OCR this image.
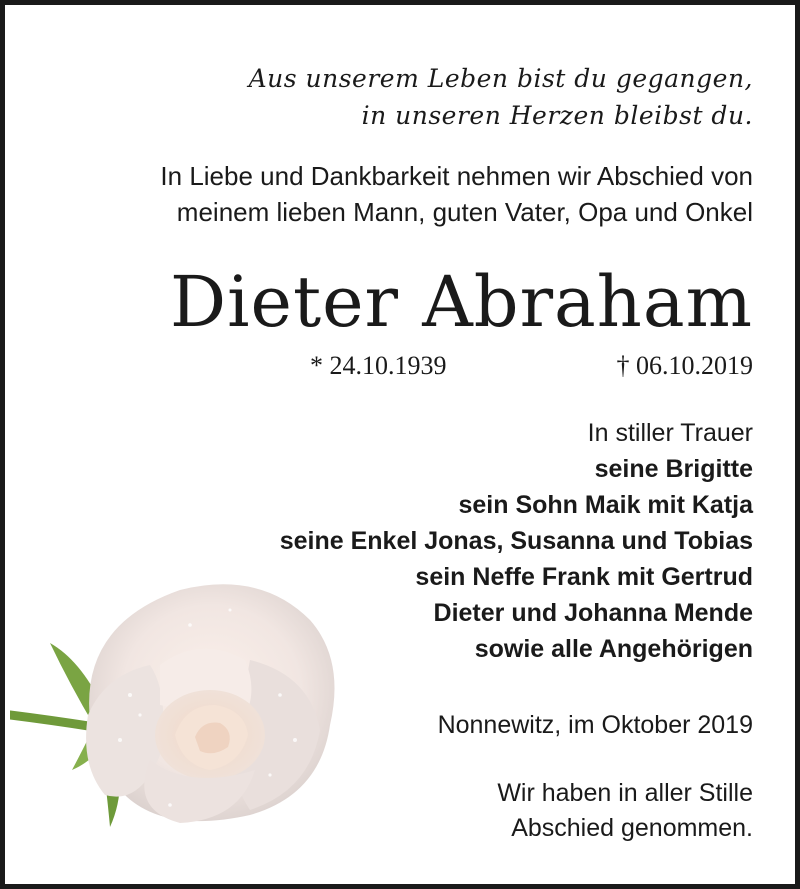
Aus unserem Leben bist du gegangen,
in unseren Herzen bleibst du.
In Liebe und Dankbarkeit nehmen wir Abschied von
meinem lieben Mann, guten Vater, Opa und Onkel
Dieter Abraham
* 24.10.1939	† 06.10.2019
In stiller Trauer
seine Brigitte
sein Sohn Maik mit Katja
seine Enkel Jonas, Susanna und Tobias
sein Neffe Frank mit Gertrud
Dieter und Johanna Mende
sowie alle Angehörigen
Nonnewitz, im Oktober 2019
Wir haben in aller Stille
Abschied genommen.
